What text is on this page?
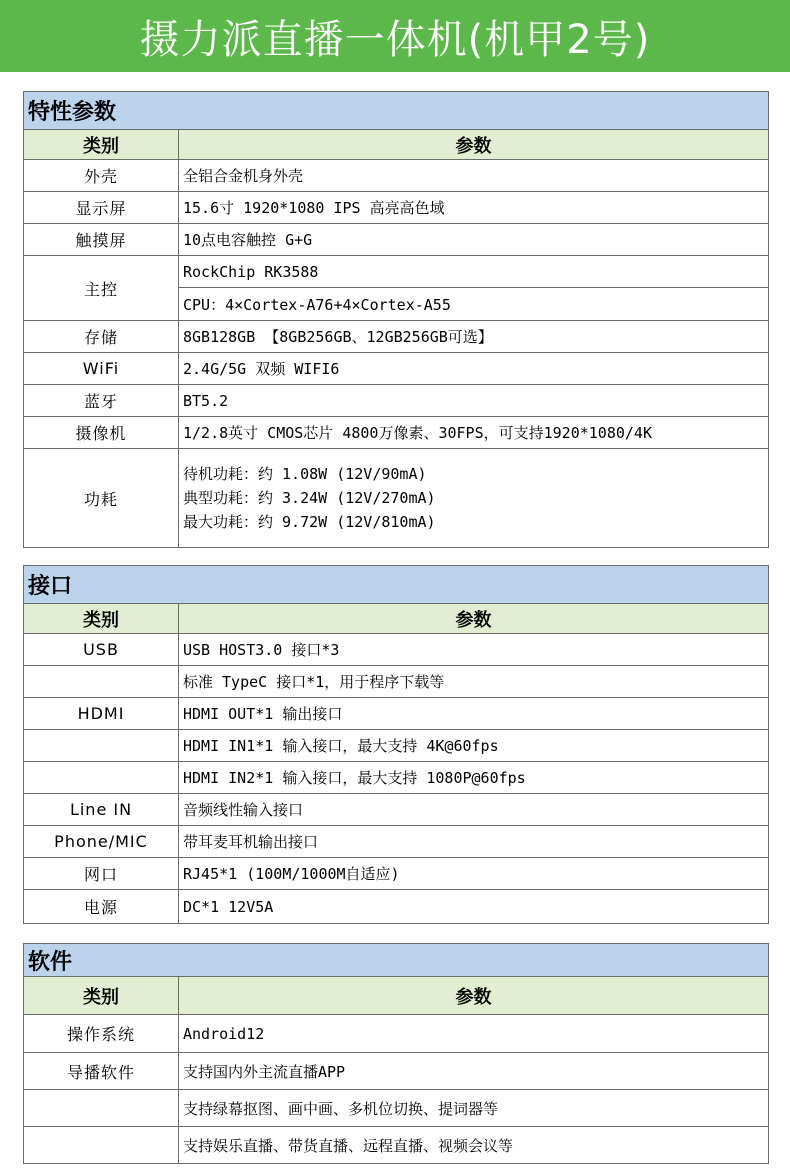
摄力派直播一体机(机甲2号)
特性参数	
类别	参数
外壳	全铝合金机身外壳
显示屏	15.6寸 1920*1080 IPS 高亮高色域
触摸屏	10点电容触控 G+G
主控	RockChip RK3588
	CPU：4×Cortex-A76+4×Cortex-A55
存储	8GB128GB 【8GB256GB、12GB256GB可选】
WiFi	2.4G/5G 双频 WIFI6
蓝牙	BT5.2
摄像机	1/2.8英寸 CMOS芯片 4800万像素、30FPS，可支持1920*1080/4K
功耗	待机功耗：约 1.08W (12V/90mA)
典型功耗：约 3.24W (12V/270mA)
最大功耗：约 9.72W (12V/810mA)
接口	
类别	参数
USB	USB HOST3.0 接口*3
	标准 TypeC 接口*1，用于程序下载等
HDMI	HDMI OUT*1 输出接口
	HDMI IN1*1 输入接口，最大支持 4K@60fps
	HDMI IN2*1 输入接口，最大支持 1080P@60fps
Line IN	音频线性输入接口
Phone/MIC	带耳麦耳机输出接口
网口	RJ45*1 (100M/1000M自适应)
电源	DC*1 12V5A
软件	
类别	参数
操作系统	Android12
导播软件	支持国内外主流直播APP
	支持绿幕抠图、画中画、多机位切换、提词器等
	支持娱乐直播、带货直播、远程直播、视频会议等
